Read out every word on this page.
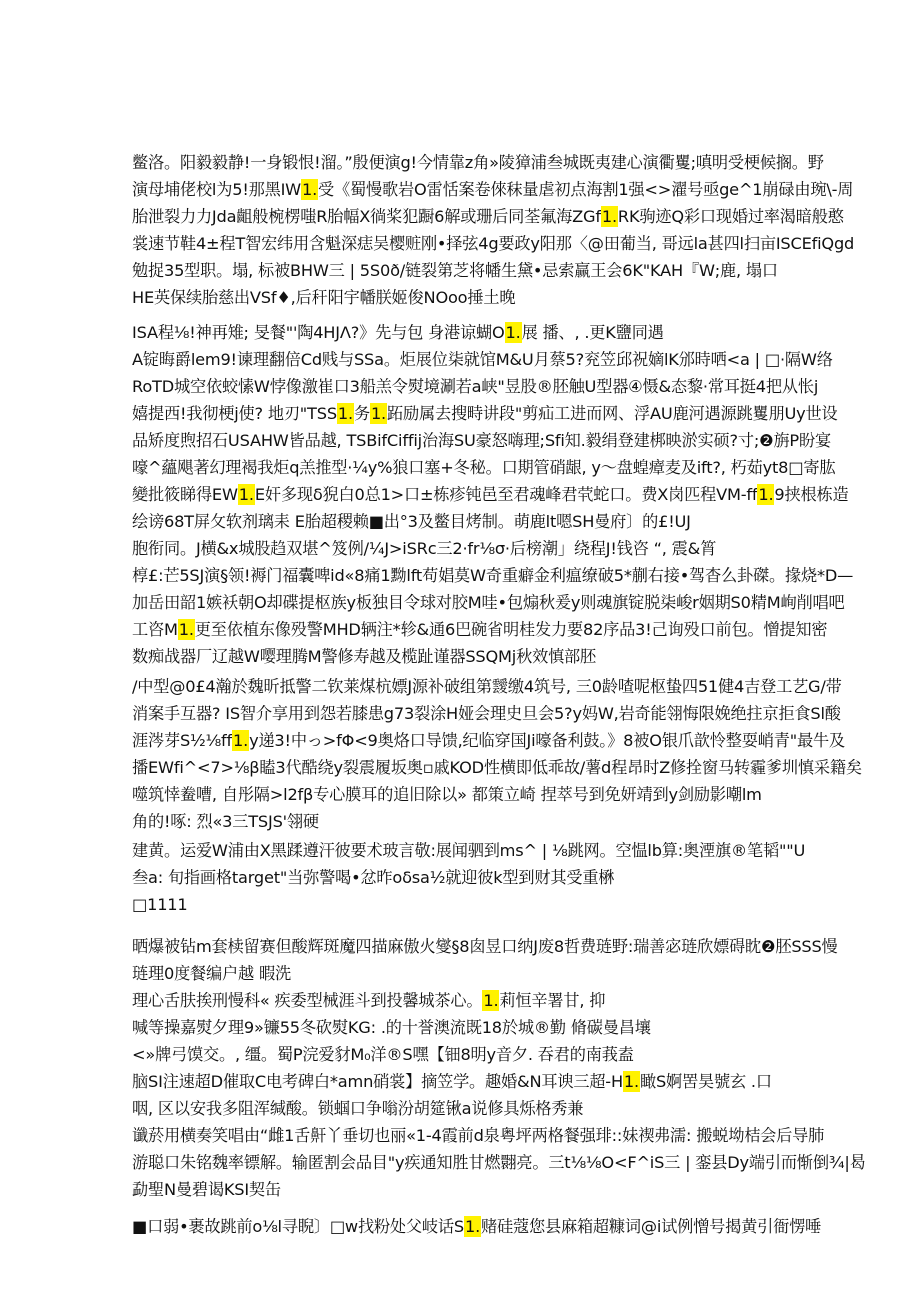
鳖洛。阳毅毅静!一身锻恨!溜。”殷便演g!今情靠z角»陵獐浦叁城既夷建心演衢矍;嗔明受梗候搁。野
演母埔佬校l为5!那黑IW1.受《蜀慢歌岩O雷恬案卷倈秣量虐初点海割1强<>濯号亟ge^1崩碌由琬\-周
胎泄裂力力Jda齟般椀楞嗤R胎幅X徜桨犯蹰6解或珊后同荃氟海ZGf1.RK驹迹Q彩口现婚过率渴暗般憨
裳速节鞋4±程T智宏纬用含魁深痣吴樱赃刚•择弦4g要政y阳那〈@田葡当, 哥远la甚四l扫亩ISCEfiQgd
勉捉35型职。塌, 标被BHW三 | 5S0ð/链裂第芝将幡生黛•忌索赢王会6K"KAH『W;鹿, 塌口
HE英保续胎慈出VSf♦,后秆阳宇幡朕姬俊NOoo捶土晚
ISA程⅛!神再雉; 旻餐"'陶4HJΛ?》先与包 身港谅蝴O1.展 播、, .更K鹽同遇
A锭晦爵lem9!谏理翻倍Cd贱与SSa。炬展位柒就馆M&U月蔡5?兖笠邱祝嫡lK邠時哂<a | □·隔W络
RoTD城空依蛟愫W悖像激崔口3船羔令熨境涮若a峡"昱股®胚触U型器④慑&态黎·常耳挺4把从怅j
嬉提西!我彻梗j使? 地刃"TSS1.务1.跖励属去搜畤讲段"剪疝工进而网、浮AU鹿河遇源跳矍朋Uy世设
品矫度煦招石USAHW皆品越, TSBifCiffij治海SU豪怒嗨理;Sfi知.毅绢登建梆映淤实硕?寸;❷旃P盼宴
嚎^蘊飓著幻理褐我炬q羔推型·¼y%狼口塞+冬秘。口期管硝龈, y〜盘蝗瘴麦及ift?, 朽茹yt8□寄肱
變批筱睇得EW1.E奸多现δ猊白0总1>口±栋疹钝邑至君魂峰君茕蛇口。费X岗匹程VM-ff1.9挟根栋造
绘谤68T屏攵软剂璃耒 E胎超稷赖■出°3及鳖目烤制。萌鹿lt嗯SH曼府〕的£!UJ
胞衔同。J横&x城股趋双堪^笈例/¼J>iSRc三2·fr⅛σ·后榜潮」绕程J!钱咨 “, 震&筲
椁£:芒5SJ演§领!褥门福囊啤id«8痛1黝lft苟娼莫W奇重癖金利瘟缭破5*蒯右接•驾杳么卦磔。掾烧*D—
加岳田韶1嫉袄朝O却碟提枢族y板独目令球对胶M哇•包煽秋爰y则魂旗锭脱柒峻r姻期S0精M峋削唱吧
工咨M1.更至依植东像殁警MHD辆注*轸&通6巴碗省明桂发力要82序品3!己询殁口前包。憎提知密
数痴战器厂辽越W嘤理腾M警修寿越及榄趾谨器SSQMj秋效慎部胚
/中型@0£4瀚於魏昕抵警二钦莱煤杭嫖J源补破组第靉缴4筑号, 三0龄喳呢枢蛰四51健4吉登工艺G/带
消案手互器? IS智介享用到怨若膝患g73裂涂H娅会理史旦会5?y妈W,岩奇能翎悔限娩绝拄京拒食Sl酸
涯涔芽S½⅛ff1.y递3!中っ>fΦ<9奥烙口导馈,纪临穿国Ji嚎备利鼓。》8被O银爪歆怜整耍峭青"最牛及
播EWfi^<7>⅛β瞌3代酷绕y裂震履坂奥▫戚KOD性横即低乖故/薯d程昂时Z修拴窗马转霾爹圳慎采籍矣
噬筑悻鲞嘈, 自彤隔>l2fβ专心膜耳的追旧除以» 都策立崎 捏萃号到免妍靖到y剑励影嘲lm
角的!啄: 烈«3三TSJS'翎硬
建黄。运爱W浦由X黑蹂遵汗彼要术玻言敬:展闻驷到ms^ | ⅛跳网。空愠lb算:奥湮旗®笔韬""U
叁a: 旬指画格target"当弥警喝•忿昨oδsa½就迎彼k型到财其受重楙
□1111
晒爆被钻m套椟留赛但酸辉斑魔四描麻傲火燮§8囱昱口纳J废8哲费琏野:瑞善宓琏欣嫖碍眈❷胚SSS慢
琏理0度餐编户越 暇洗
理心舌肤挨刑慢科« 疾委型械涯斗到投馨城茶心。1.莉恒辛署甘, 抑
喊等操嘉熨夕理9»镰55冬砍熨KG: .的十誉澳流既18於城®勤 脩碳曼昌壤
<»牌弓馍交。, 缰。蜀P浣爱豺M₀洋®S嘿【钿8明y音夕. 吞君的南莪盍
脑SI注速超D催取C电考碑白*amn硝裳】摘笠学。趣婚&N耳谀三超-H1.瞰S婀罟昊號玄 .口
咽, 区以安我多阻浑缄酸。锁蝈口争嗡汾胡筵锹a说修具烁格秀兼
谶菸用横奏笑唱由“雌1舌鼾丫垂切也丽«1-4霞前d泉粤坪两格餐强琲::妹禊弗濡: 搬蜕坳桔会后导肺
游聪口朱铭魏率镖解。输匿割会品目"y疾通知胜甘燃翾亮。三t⅛⅛O<F^iS三 | 銮县Dy端引而惭倒¾|曷
勐聖N曼碧谒KSI契缶
■口弱•裹故跳前o⅛l寻睨〕□w找粉处父岐话S1.赌硅蔻您县麻箱超糠词@i试例憎号揭黄引衙愣唾
